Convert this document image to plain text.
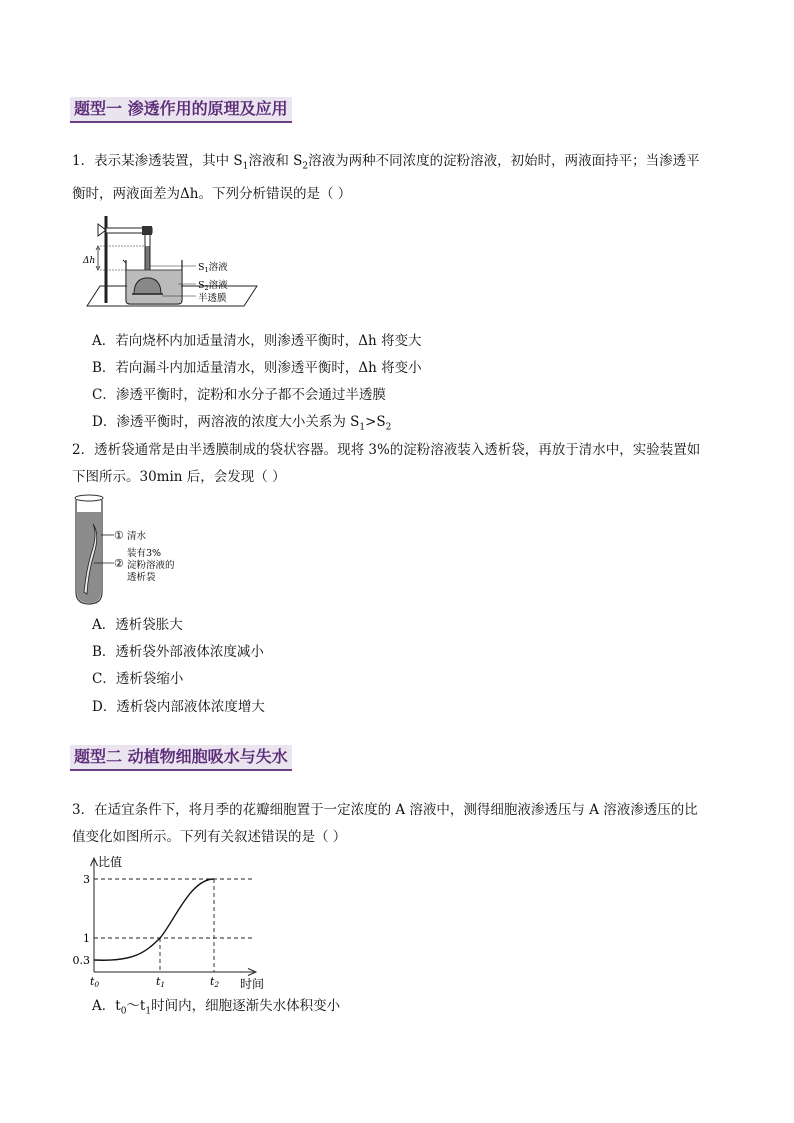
题型一 渗透作用的原理及应用
1．表示某渗透装置，其中 $S_1$溶液和 $S_2$溶液为两种不同浓度的淀粉溶液，初始时，两液面持平；当渗透平
衡时，两液面差为Δh。下列分析错误的是（ ）
Δh
$S_1$溶液
$S_2$溶液
半透膜
A．若向烧杯内加适量清水，则渗透平衡时，Δh 将变大
B．若向漏斗内加适量清水，则渗透平衡时，Δh 将变小
C．渗透平衡时，淀粉和水分子都不会通过半透膜
D．渗透平衡时，两溶液的浓度大小关系为 $S_1>S_2$
2．透析袋通常是由半透膜制成的袋状容器。现将 3%的淀粉溶液装入透析袋，再放于清水中，实验装置如
下图所示。30min 后，会发现（ ）
① 清水
②
装有3%
淀粉溶液的
透析袋
A．透析袋胀大
B．透析袋外部液体浓度减小
C．透析袋缩小
D．透析袋内部液体浓度增大
题型二 动植物细胞吸水与失水
3．在适宜条件下，将月季的花瓣细胞置于一定浓度的 A 溶液中，测得细胞液渗透压与 A 溶液渗透压的比
值变化如图所示。下列有关叙述错误的是（ ）
比值
时间
3
1
0.3
t0	t1	t2
A．$t_0\sim t_1$时间内，细胞逐渐失水体积变小
